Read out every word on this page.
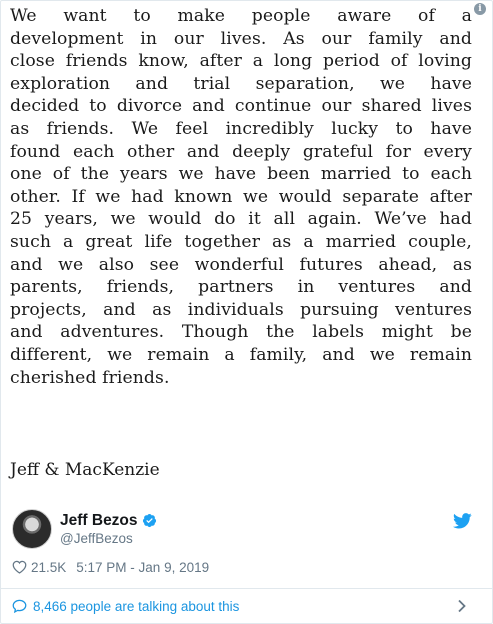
i
We want to make people aware of a
development in our lives. As our family and
close friends know, after a long period of loving
exploration and trial separation, we have
decided to divorce and continue our shared lives
as friends. We feel incredibly lucky to have
found each other and deeply grateful for every
one of the years we have been married to each
other. If we had known we would separate after
25 years, we would do it all again. We’ve had
such a great life together as a married couple,
and we also see wonderful futures ahead, as
parents, friends, partners in ventures and
projects, and as individuals pursuing ventures
and adventures. Though the labels might be
different, we remain a family, and we remain
cherished friends.
Jeff & MacKenzie
Jeff Bezos
@JeffBezos
21.5K 5:17 PM - Jan 9, 2019
8,466 people are talking about this
